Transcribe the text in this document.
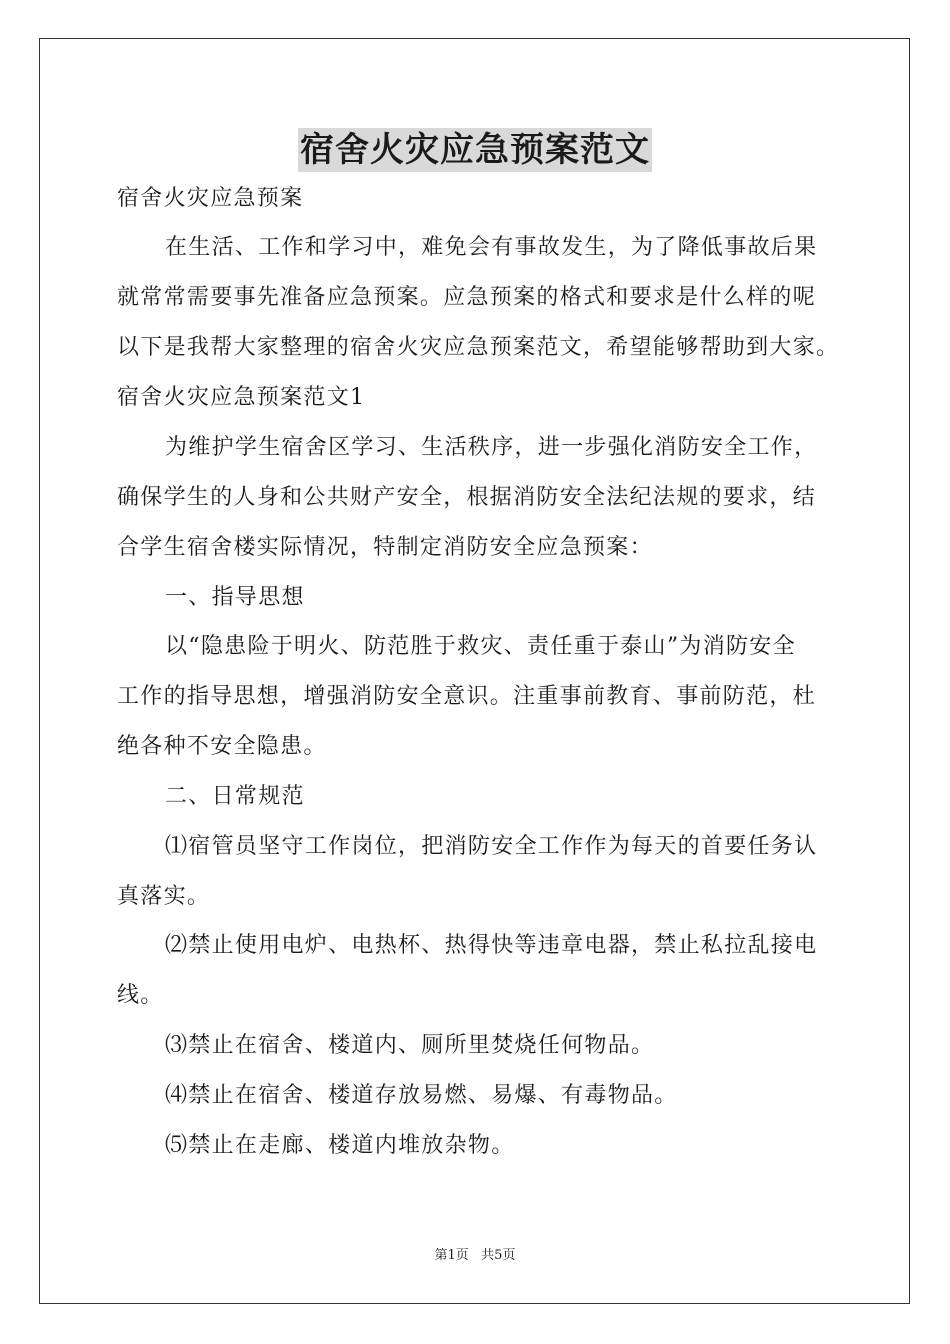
宿舍火灾应急预案范文
宿舍火灾应急预案
在生活、工作和学习中，难免会有事故发生，为了降低事故后果
就常常需要事先准备应急预案。应急预案的格式和要求是什么样的呢
以下是我帮大家整理的宿舍火灾应急预案范文，希望能够帮助到大家。
宿舍火灾应急预案范文1
为维护学生宿舍区学习、生活秩序，进一步强化消防安全工作，
确保学生的人身和公共财产安全，根据消防安全法纪法规的要求，结
合学生宿舍楼实际情况，特制定消防安全应急预案：
一、指导思想
以“隐患险于明火、防范胜于救灾、责任重于泰山”为消防安全
工作的指导思想，增强消防安全意识。注重事前教育、事前防范，杜
绝各种不安全隐患。
二、日常规范
⑴宿管员坚守工作岗位，把消防安全工作作为每天的首要任务认
真落实。
⑵禁止使用电炉、电热杯、热得快等违章电器，禁止私拉乱接电
线。
⑶禁止在宿舍、楼道内、厕所里焚烧任何物品。
⑷禁止在宿舍、楼道存放易燃、易爆、有毒物品。
⑸禁止在走廊、楼道内堆放杂物。
第1页   共5页
